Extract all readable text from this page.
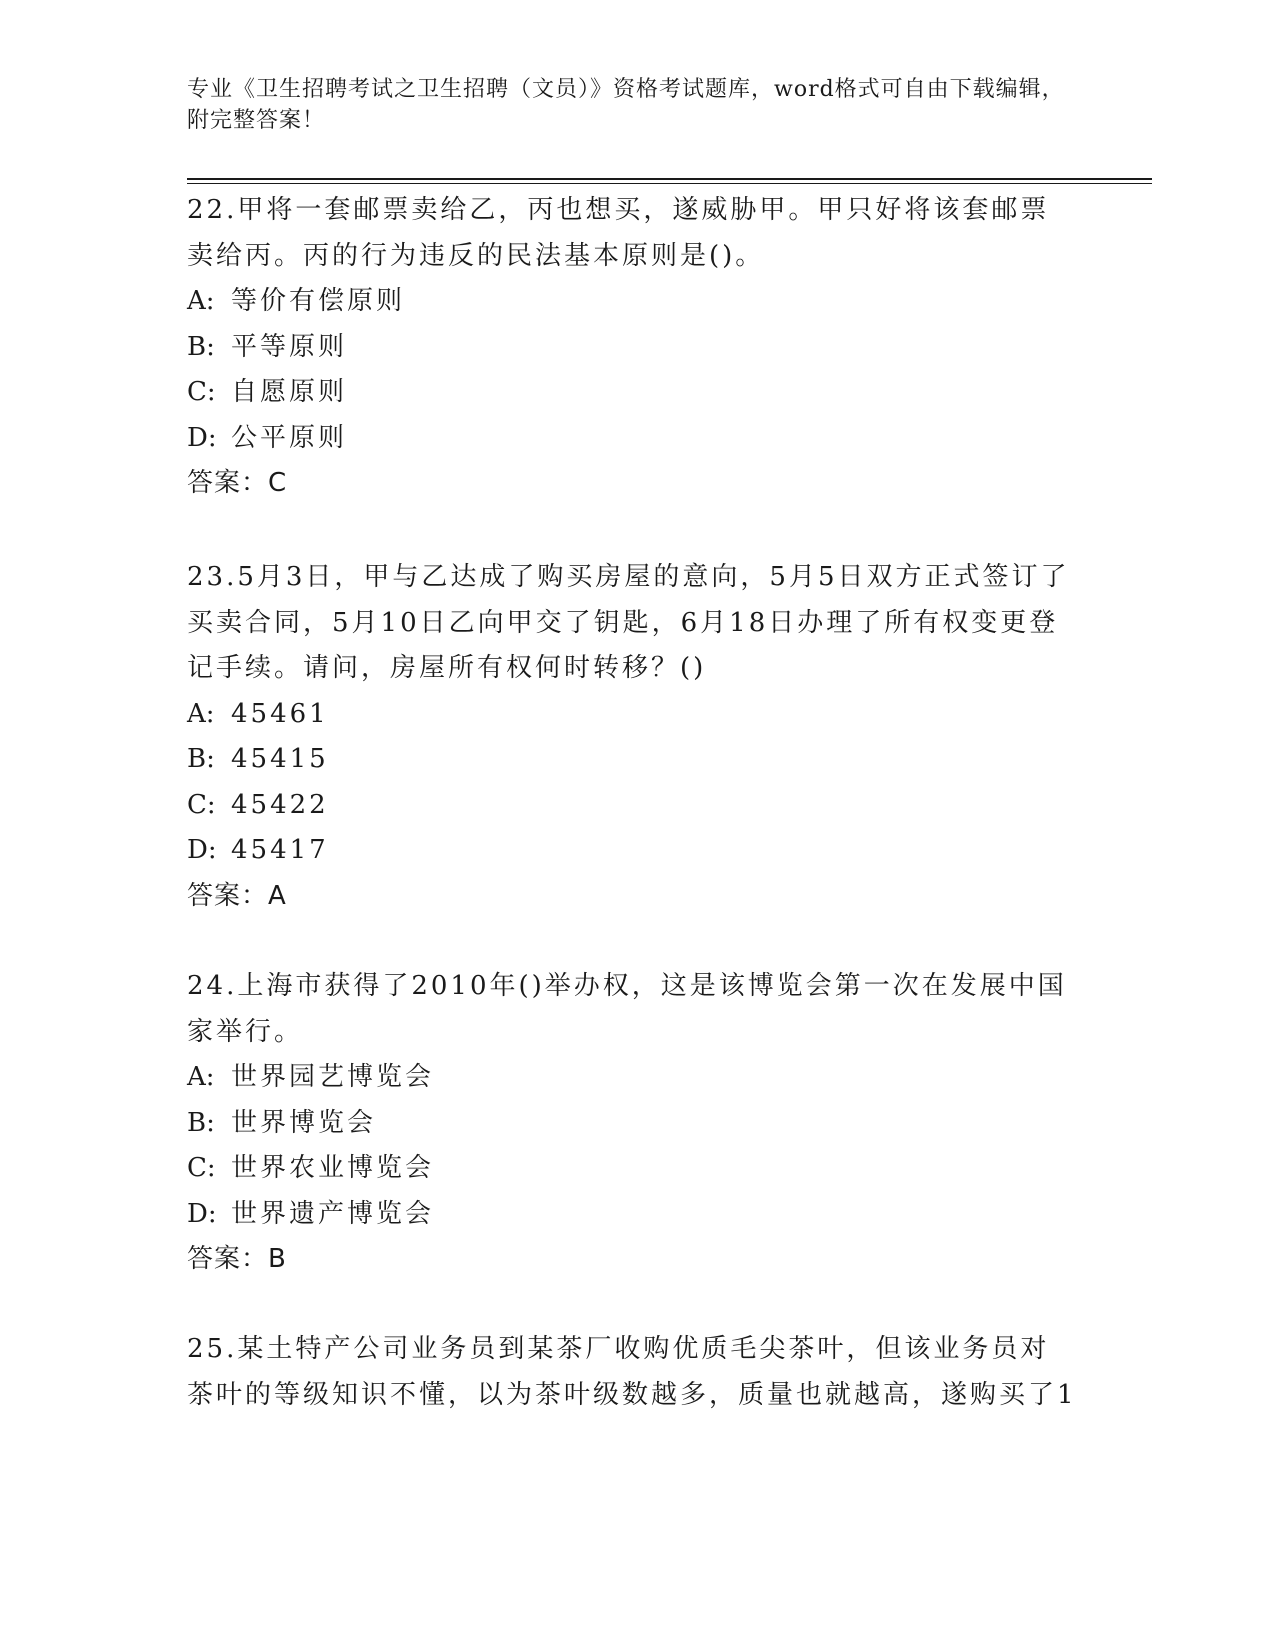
专业《卫生招聘考试之卫生招聘（文员）》资格考试题库，word格式可自由下载编辑，附完整答案！

22.甲将一套邮票卖给乙，丙也想买，遂威胁甲。甲只好将该套邮票卖给丙。丙的行为违反的民法基本原则是()。

A: 等价有偿原则
B: 平等原则
C: 自愿原则
D: 公平原则
答案：C

23.5月3日，甲与乙达成了购买房屋的意向，5月5日双方正式签订了买卖合同，5月10日乙向甲交了钥匙，6月18日办理了所有权变更登记手续。请问，房屋所有权何时转移？()

A: 45461
B: 45415
C: 45422
D: 45417
答案：A

24.上海市获得了2010年()举办权，这是该博览会第一次在发展中国家举行。

A: 世界园艺博览会
B: 世界博览会
C: 世界农业博览会
D: 世界遗产博览会
答案：B

25.某土特产公司业务员到某茶厂收购优质毛尖茶叶，但该业务员对茶叶的等级知识不懂，以为茶叶级数越多，质量也就越高，遂购买了1
